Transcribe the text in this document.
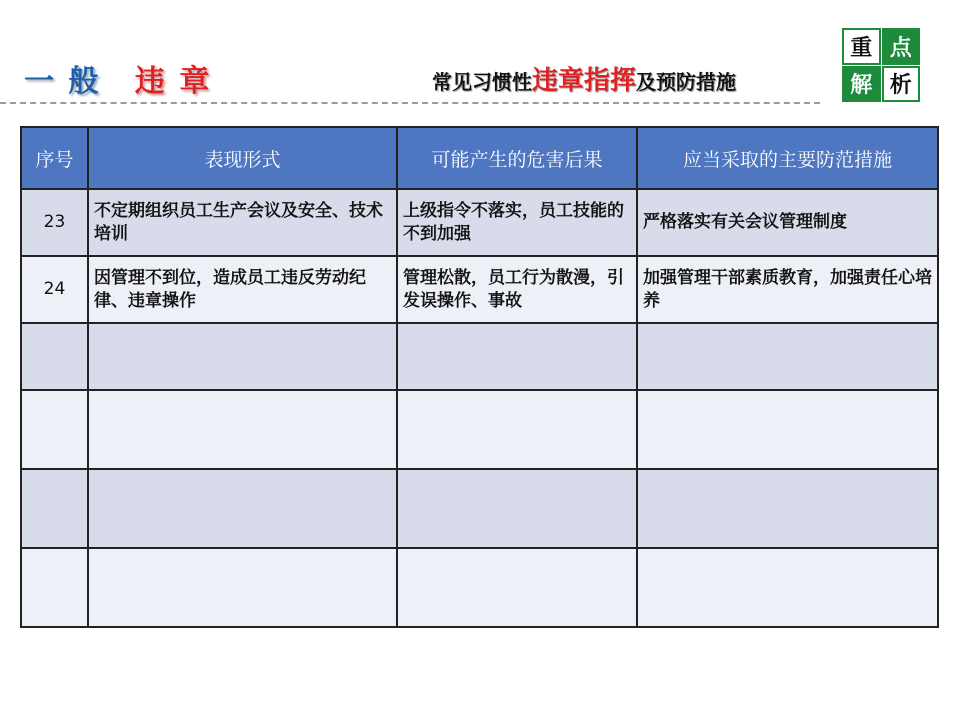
一 般 违 章	常见习惯性违章指挥及预防措施
重 点
解 析
序号	表现形式	可能产生的危害后果	应当采取的主要防范措施
23	不定期组织员工生产会议及安全、技术培训	上级指令不落实，员工技能的不到加强	严格落实有关会议管理制度
24	因管理不到位，造成员工违反劳动纪律、违章操作	管理松散，员工行为散漫，引发误操作、事故	加强管理干部素质教育，加强责任心培养
